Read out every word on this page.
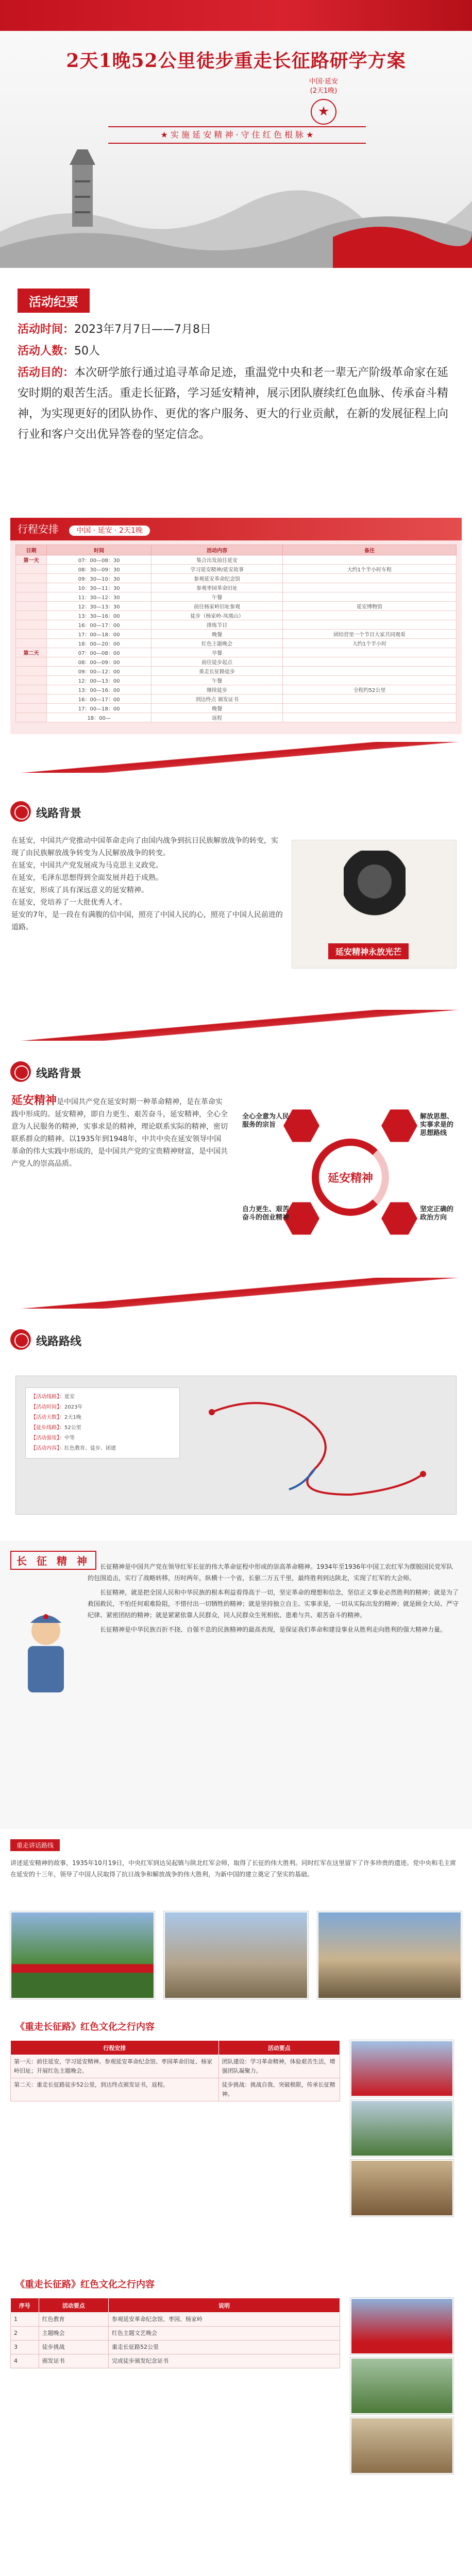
2天1晚52公里徒步重走长征路研学方案
中国·延安
(2天1晚)
★ 实 施 延 安 精 神 · 守 住 红 色 根 脉 ★
活动纪要
活动时间：2023年7月7日——7月8日
活动人数：50人
活动目的：本次研学旅行通过追寻革命足迹，重温党中央和老一辈无产阶级革命家在延安时期的艰苦生活。重走长征路，学习延安精神，展示团队赓续红色血脉、传承奋斗精神，为实现更好的团队协作、更优的客户服务、更大的行业贡献，在新的发展征程上向行业和客户交出优异答卷的坚定信念。
行程安排 中国 · 延安 · 2天1晚
日期	时间	活动内容	备注
第一天	07：00—08：30	集合出发前往延安	
	08：30—09：30	学习延安精神/延安故事	大约1个半小时车程
	09：30—10：30	参观延安革命纪念馆	
	10：30—11：30	参观枣园革命旧址	
	11：30—12：30	午餐	
	12：30—13：30	前往杨家岭旧址参观	延安博物馆
	13：30—16：00	徒步（杨家岭-凤凰山）	
	16：00—17：00	排练节目	
	17：00—18：00	晚餐	团结营里一个节目大家共同观看
	18：00—20：00	红色主题晚会	大约1个半小时
第二天	07：00—08：00	早餐	
	08：00—09：00	前往徒步起点	
	09：00—12：00	重走长征路徒步	
	12：00—13：00	午餐	
	13：00—16：00	继续徒步	全程约52公里
	16：00—17：00	到达终点 颁发证书	
	17：00—18：00	晚餐	
	18：00—	返程	
线路背景

在延安，中国共产党推动中国革命走向了由国内战争到抗日民族解放战争的转变，实现了由民族解放战争转变为人民解放战争的转变。

在延安，中国共产党发展成为马克思主义政党。

在延安，毛泽东思想得到全面发展并趋于成熟。

在延安，形成了具有深远意义的延安精神。

在延安，党培养了一大批优秀人才。

延安的7年，是一段在有满腹的信中国，照亮了中国人民的心，照亮了中国人民前进的道路。

延安精神永放光芒
线路背景
延安精神是中国共产党在延安时期一种革命精神，是在革命实践中形成的。延安精神，即自力更生、艰苦奋斗，延安精神，全心全意为人民服务的精神，实事求是的精神，理论联系实际的精神，密切联系群众的精神。以1935年到1948年，中共中央在延安领导中国革命的伟大实践中形成的，是中国共产党的宝贵精神财富，是中国共产党人的崇高品质。
延安精神
全心全意为人民服务的宗旨
解放思想、实事求是的思想路线
自力更生、艰苦奋斗的创业精神
坚定正确的政治方向
线路路线
【活动线路】：延安
【活动时间】：2023年
【活动天数】：2天1晚
【徒步线路】：52公里
【活动强度】：中等
【活动内容】：红色教育、徒步、团建
长 征 精 神	长征精神是中国共产党在领导红军长征的伟大革命征程中形成的崇高革命精神。1934年至1936年中国工农红军为摆脱国民党军队的包围追击，实行了战略转移，历时两年，纵横十一个省，长驱二万五千里，最终胜利到达陕北，实现了红军的大会师。

长征精神，就是把全国人民和中华民族的根本利益看得高于一切，坚定革命的理想和信念，坚信正义事业必然胜利的精神；就是为了救国救民，不怕任何艰难险阻，不惜付出一切牺牲的精神；就是坚持独立自主、实事求是，一切从实际出发的精神；就是顾全大局、严守纪律、紧密团结的精神；就是紧紧依靠人民群众，同人民群众生死相依、患难与共、艰苦奋斗的精神。

长征精神是中华民族百折不挠、自强不息的民族精神的最高表现，是保证我们革命和建设事业从胜利走向胜利的强大精神力量。

重走讲话路线
讲述延安精神的故事，1935年10月19日，中央红军到达吴起镇与陕北红军会师，取得了长征的伟大胜利。同时红军在这里留下了许多珍贵的遗迹。党中央和毛主席在延安的十三年，领导了中国人民取得了抗日战争和解放战争的伟大胜利，为新中国的建立奠定了坚实的基础。
《重走长征路》红色文化之行内容
行程安排	活动要点
第一天：前往延安，学习延安精神。参观延安革命纪念馆、枣园革命旧址、杨家岭旧址；开展红色主题晚会。	团队建设：学习革命精神，体验艰苦生活，增强团队凝聚力。
第二天：重走长征路徒步52公里，到达终点颁发证书，返程。	徒步挑战：挑战自我、突破极限，传承长征精神。
《重走长征路》红色文化之行内容
序号	活动要点	说明
1	红色教育	参观延安革命纪念馆、枣园、杨家岭
2	主题晚会	红色主题文艺晚会
3	徒步挑战	重走长征路52公里
4	颁发证书	完成徒步颁发纪念证书
